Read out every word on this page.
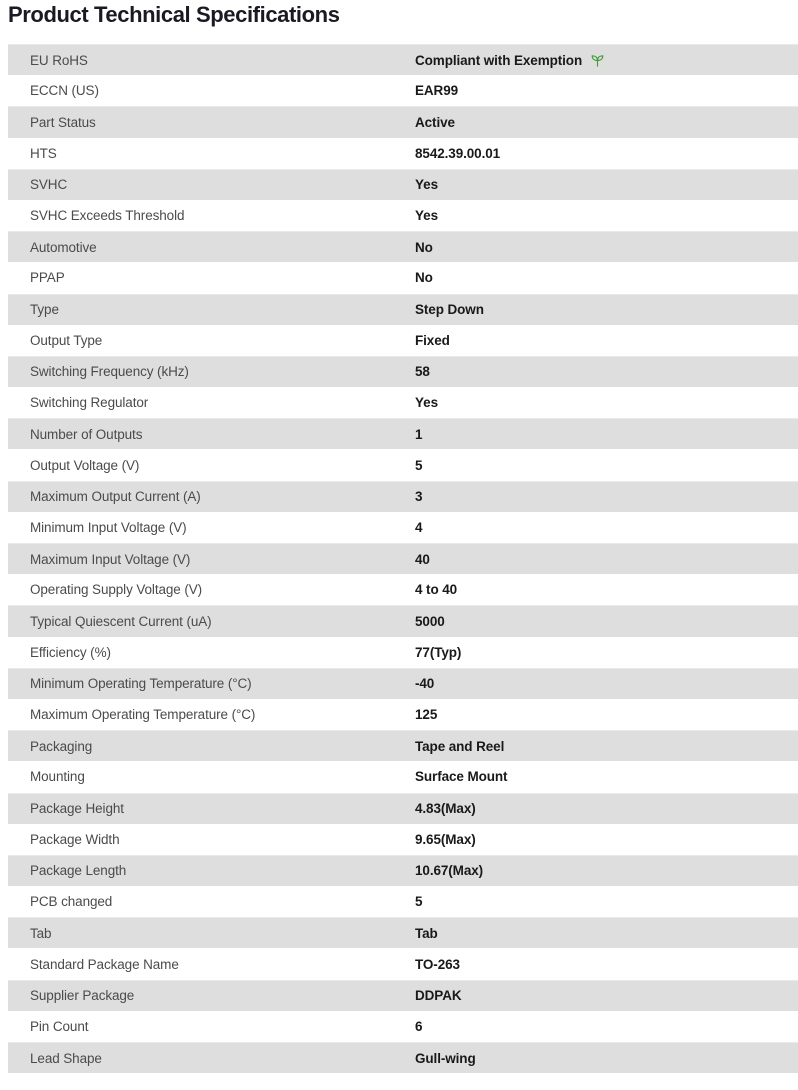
Product Technical Specifications
EU RoHS	Compliant with Exemption
ECCN (US)	EAR99
Part Status	Active
HTS	8542.39.00.01
SVHC	Yes
SVHC Exceeds Threshold	Yes
Automotive	No
PPAP	No
Type	Step Down
Output Type	Fixed
Switching Frequency (kHz)	58
Switching Regulator	Yes
Number of Outputs	1
Output Voltage (V)	5
Maximum Output Current (A)	3
Minimum Input Voltage (V)	4
Maximum Input Voltage (V)	40
Operating Supply Voltage (V)	4 to 40
Typical Quiescent Current (uA)	5000
Efficiency (%)	77(Typ)
Minimum Operating Temperature (°C)	-40
Maximum Operating Temperature (°C)	125
Packaging	Tape and Reel
Mounting	Surface Mount
Package Height	4.83(Max)
Package Width	9.65(Max)
Package Length	10.67(Max)
PCB changed	5
Tab	Tab
Standard Package Name	TO-263
Supplier Package	DDPAK
Pin Count	6
Lead Shape	Gull-wing
